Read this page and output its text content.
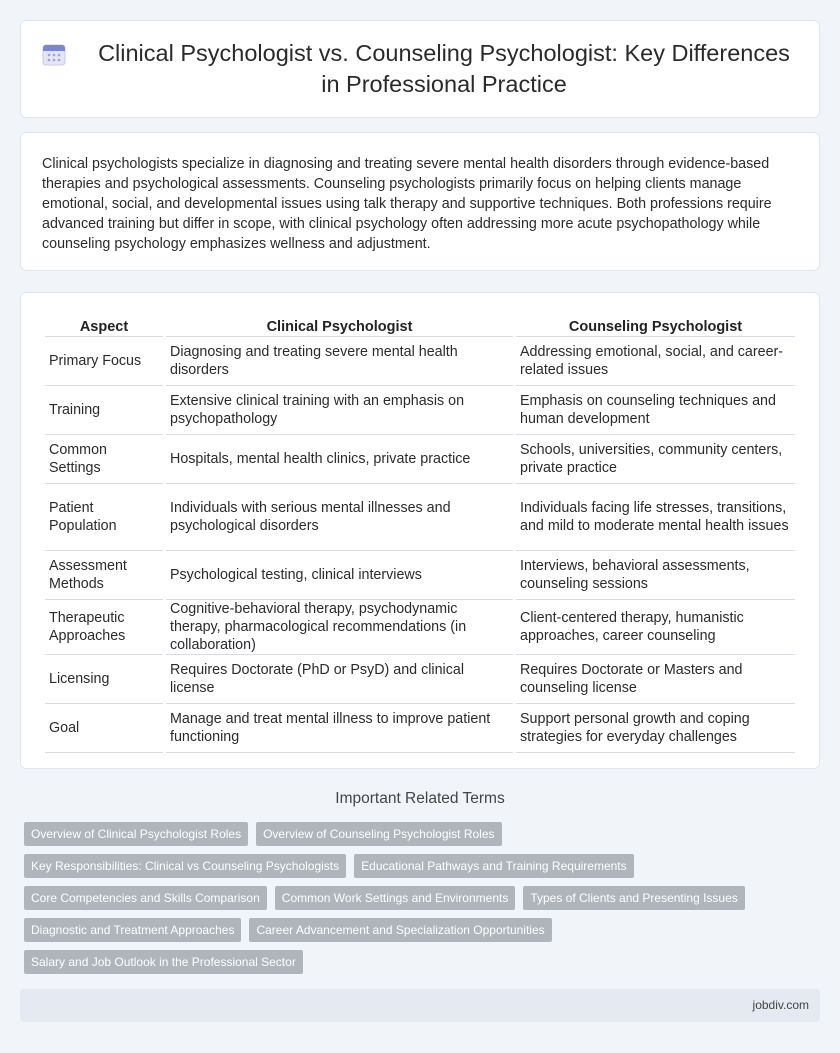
Clinical Psychologist vs. Counseling Psychologist: Key Differences in Professional Practice

Clinical psychologists specialize in diagnosing and treating severe mental health disorders through evidence-based therapies and psychological assessments. Counseling psychologists primarily focus on helping clients manage emotional, social, and developmental issues using talk therapy and supportive techniques. Both professions require advanced training but differ in scope, with clinical psychology often addressing more acute psychopathology while counseling psychology emphasizes wellness and adjustment.

Aspect	Clinical Psychologist	Counseling Psychologist
Primary Focus	Diagnosing and treating severe mental health disorders	Addressing emotional, social, and career-related issues
Training	Extensive clinical training with an emphasis on psychopathology	Emphasis on counseling techniques and human development
Common Settings	Hospitals, mental health clinics, private practice	Schools, universities, community centers, private practice
Patient Population	Individuals with serious mental illnesses and psychological disorders	Individuals facing life stresses, transitions, and mild to moderate mental health issues
Assessment Methods	Psychological testing, clinical interviews	Interviews, behavioral assessments, counseling sessions
Therapeutic Approaches	Cognitive-behavioral therapy, psychodynamic therapy, pharmacological recommendations (in collaboration)	Client-centered therapy, humanistic approaches, career counseling
Licensing	Requires Doctorate (PhD or PsyD) and clinical license	Requires Doctorate or Masters and counseling license
Goal	Manage and treat mental illness to improve patient functioning	Support personal growth and coping strategies for everyday challenges
Important Related Terms
Overview of Clinical Psychologist Roles	Overview of Counseling Psychologist Roles
Key Responsibilities: Clinical vs Counseling Psychologists	Educational Pathways and Training Requirements
Core Competencies and Skills Comparison	Common Work Settings and Environments	Types of Clients and Presenting Issues
Diagnostic and Treatment Approaches	Career Advancement and Specialization Opportunities
Salary and Job Outlook in the Professional Sector
jobdiv.com
